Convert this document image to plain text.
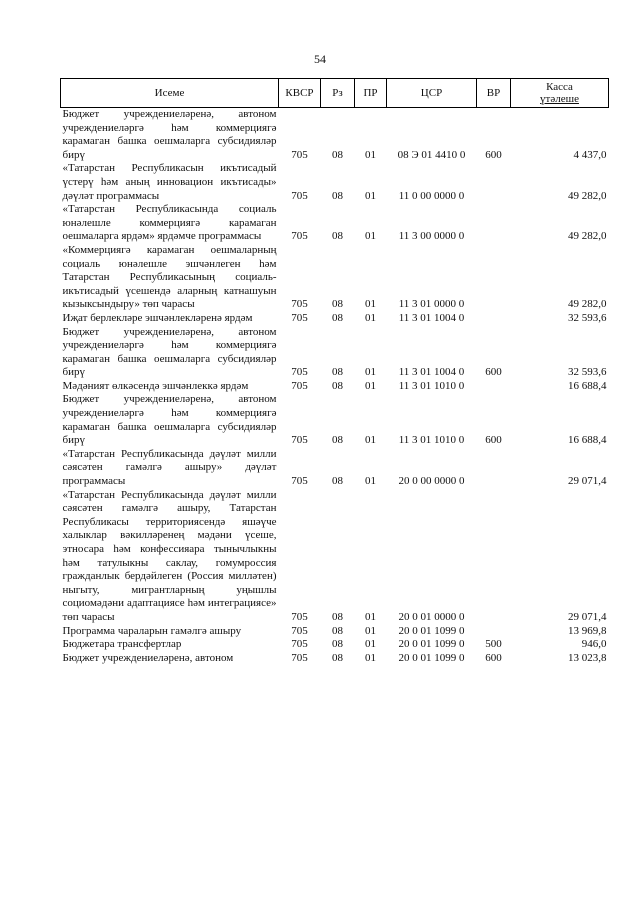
54
Исеме	КВСР	Рз	ПР	ЦСР	ВР	Касса
үтәлеше

Бюджет учреждениеләренә, автоном учреждениеләргә һәм коммерциягә карамаган башка оешмаларга субсидияләр бирү	705	08	01	08 Э 01 4410 0	600	4 437,0
«Татарстан Республикасын икътисадый үстерү һәм аның инновацион икътисады» дәүләт программасы	705	08	01	11 0 00 0000 0		49 282,0
«Татарстан Республикасында социаль юнәлешле коммерциягә карамаган оешмаларга ярдәм» ярдәмче программасы	705	08	01	11 3 00 0000 0		49 282,0
«Коммерциягә карамаган оешмаларның социаль юнәлешле эшчәнлеген һәм Татарстан Республикасының социаль-икътисадый үсешендә аларның катнашуын кызыксындыру» төп чарасы	705	08	01	11 3 01 0000 0		49 282,0
Иҗат берлекләре эшчәнлекләренә ярдәм	705	08	01	11 3 01 1004 0		32 593,6
Бюджет учреждениеләренә, автоном учреждениеләргә һәм коммерциягә карамаган башка оешмаларга субсидияләр бирү	705	08	01	11 3 01 1004 0	600	32 593,6
Мәдәният өлкәсендә эшчәнлеккә ярдәм	705	08	01	11 3 01 1010 0		16 688,4
Бюджет учреждениеләренә, автоном учреждениеләргә һәм коммерциягә карамаган башка оешмаларга субсидияләр бирү	705	08	01	11 3 01 1010 0	600	16 688,4
«Татарстан Республикасында дәүләт милли сәясәтен гамәлгә ашыру» дәүләт программасы	705	08	01	20 0 00 0000 0		29 071,4
«Татарстан Республикасында дәүләт милли сәясәтен гамәлгә ашыру, Татарстан Республикасы территориясендә яшәүче халыклар вәкилләренең мәдәни үсеше, этносара һәм конфессияара тынычлыкны һәм татулыкны саклау, гомумроссия гражданлык бердәйлеген (Россия милләтен) ныгыту, мигрантларның уңышлы социомәдәни адаптациясе һәм интеграциясе» төп чарасы	705	08	01	20 0 01 0000 0		29 071,4
Программа чараларын гамәлгә ашыру	705	08	01	20 0 01 1099 0		13 969,8
Бюджетара трансфертлар	705	08	01	20 0 01 1099 0	500	946,0
Бюджет учреждениеләренә, автоном	705	08	01	20 0 01 1099 0	600	13 023,8
